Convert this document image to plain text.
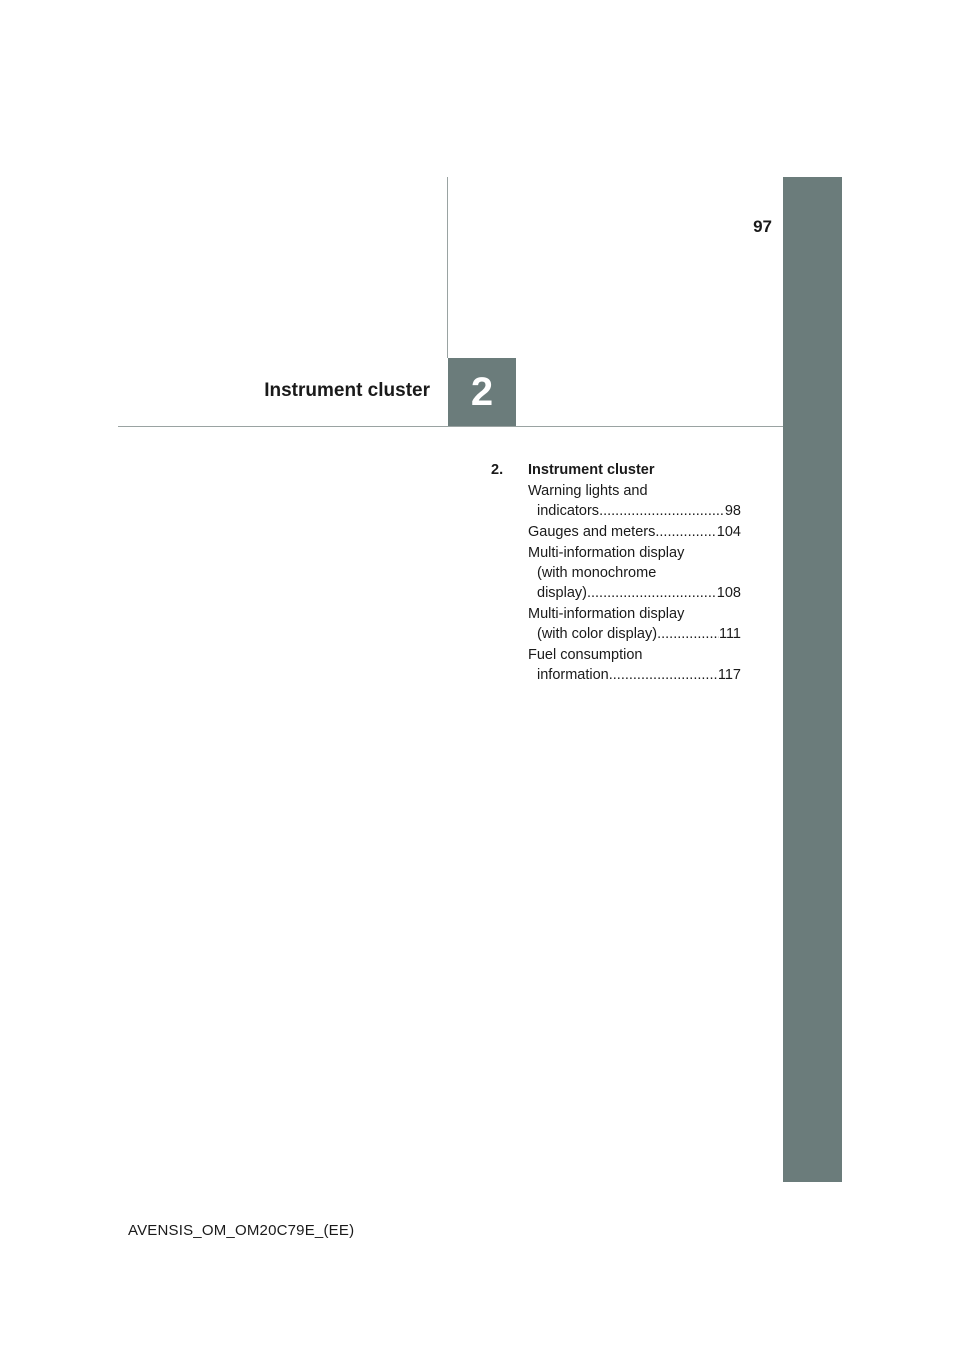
97
Instrument cluster 2
2.	Instrument cluster
Warning lights and
indicators .....	98
Gauges and meters .....	104
Multi-information display
(with monochrome
display) .....	108
Multi-information display
(with color display) .....	111
Fuel consumption
information .....	117
AVENSIS_OM_OM20C79E_(EE)
